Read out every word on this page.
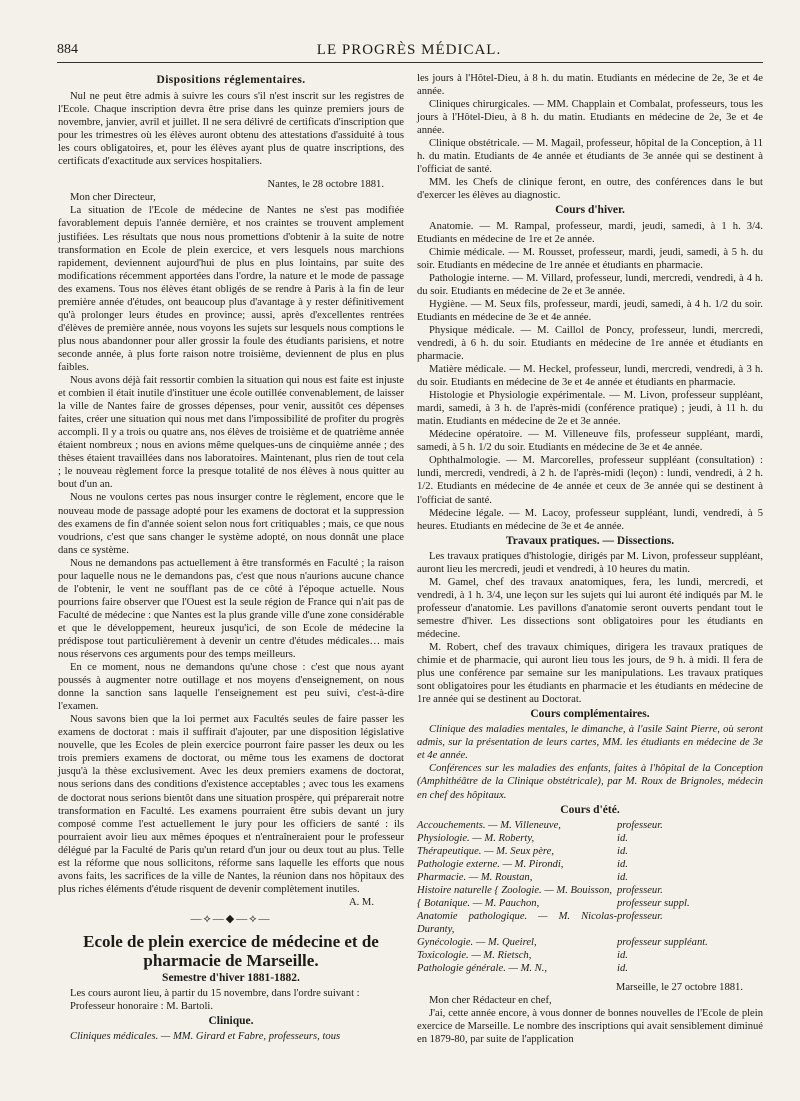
884	LE PROGRÈS MÉDICAL.
Dispositions réglementaires.

Nul ne peut être admis à suivre les cours s'il n'est inscrit sur les registres de l'Ecole. Chaque inscription devra être prise dans les quinze premiers jours de novembre, janvier, avril et juillet. Il ne sera délivré de certificats d'inscription que pour les trimestres où les élèves auront obtenu des attestations d'assiduité à tous les cours obligatoires, et, pour les élèves ayant plus de quatre inscriptions, des certificats d'exactitude aux services hospitaliers.

Nantes, le 28 octobre 1881.

Mon cher Directeur,

La situation de l'Ecole de médecine de Nantes ne s'est pas modifiée favorablement depuis l'année dernière, et nos craintes se trouvent amplement justifiées. Les résultats que nous nous promettions d'obtenir à la suite de notre transformation en Ecole de plein exercice, et vers lesquels nous marchions rapidement, deviennent aujourd'hui de plus en plus lointains, par suite des modifications récemment apportées dans l'ordre, la nature et le mode de passage des examens. Tous nos élèves étant obligés de se rendre à Paris à la fin de leur première année d'études, ont beaucoup plus d'avantage à y rester définitivement qu'à prolonger leurs études en province; aussi, après d'excellentes rentrées d'élèves de première année, nous voyons les sujets sur lesquels nous comptions le plus nous abandonner pour aller grossir la foule des étudiants parisiens, et notre seconde année, à plus forte raison notre troisième, deviennent de plus en plus faibles.

Nous avons déjà fait ressortir combien la situation qui nous est faite est injuste et combien il était inutile d'instituer une école outillée convenablement, de laisser la ville de Nantes faire de grosses dépenses, pour venir, aussitôt ces dépenses faites, créer une situation qui nous met dans l'impossibilité de profiter du progrès accompli. Il y a trois ou quatre ans, nos élèves de troisième et de quatrième année étaient nombreux ; nous en avions même quelques-uns de cinquième année ; des thèses étaient travaillées dans nos laboratoires. Maintenant, plus rien de tout cela ; le nouveau règlement force la presque totalité de nos élèves à nous quitter au bout d'un an.

Nous ne voulons certes pas nous insurger contre le règlement, encore que le nouveau mode de passage adopté pour les examens de doctorat et la suppression des examens de fin d'année soient selon nous fort critiquables ; mais, ce que nous voudrions, c'est que sans changer le système adopté, on nous donnât une place dans ce système.

Nous ne demandons pas actuellement à être transformés en Faculté ; la raison pour laquelle nous ne le demandons pas, c'est que nous n'aurions aucune chance de l'obtenir, le vent ne soufflant pas de ce côté à l'époque actuelle. Nous pourrions faire observer que l'Ouest est la seule région de France qui n'ait pas de Faculté de médecine : que Nantes est la plus grande ville d'une zone considérable et que le développement, heureux jusqu'ici, de son Ecole de médecine la prédispose tout particulièrement à devenir un centre d'études médicales… mais nous réservons ces arguments pour des temps meilleurs.

En ce moment, nous ne demandons qu'une chose : c'est que nous ayant poussés à augmenter notre outillage et nos moyens d'enseignement, on nous donne la sanction sans laquelle l'enseignement est peu suivi, c'est-à-dire l'examen.

Nous savons bien que la loi permet aux Facultés seules de faire passer les examens de doctorat : mais il suffirait d'ajouter, par une disposition législative nouvelle, que les Ecoles de plein exercice pourront faire passer les deux ou les trois premiers examens de doctorat, ou même tous les examens de doctorat jusqu'à la thèse exclusivement. Avec les deux premiers examens de doctorat, nous serions dans des conditions d'existence acceptables ; avec tous les examens de doctorat nous serions bientôt dans une situation prospère, qui préparerait notre transformation en Faculté. Les examens pourraient être subis devant un jury composé comme l'est actuellement le jury pour les officiers de santé : ils pourraient avoir lieu aux mêmes époques et n'entraîneraient pour le professeur délégué par la Faculté de Paris qu'un retard d'un jour ou deux tout au plus. Telle est la réforme que nous sollicitons, réforme sans laquelle les efforts que nous avons faits, les sacrifices de la ville de Nantes, la réunion dans nos hôpitaux des plus riches éléments d'étude risquent de devenir complètement inutiles.

A. M.

—⟡—◆—⟡—
Ecole de plein exercice de médecine et de pharmacie de Marseille.
Semestre d'hiver 1881-1882.

Les cours auront lieu, à partir du 15 novembre, dans l'ordre suivant :

Professeur honoraire : M. Bartoli.

Clinique.

Cliniques médicales. — MM. Girard et Fabre, professeurs, tous

les jours à l'Hôtel-Dieu, à 8 h. du matin. Etudiants en médecine de 2e, 3e et 4e année.

Cliniques chirurgicales. — MM. Chapplain et Combalat, professeurs, tous les jours à l'Hôtel-Dieu, à 8 h. du matin. Etudiants en médecine de 2e, 3e et 4e année.

Clinique obstétricale. — M. Magail, professeur, hôpital de la Conception, à 11 h. du matin. Etudiants de 4e année et étudiants de 3e année qui se destinent à l'officiat de santé.

MM. les Chefs de clinique feront, en outre, des conférences dans le but d'exercer les élèves au diagnostic.

Cours d'hiver.

Anatomie. — M. Rampal, professeur, mardi, jeudi, samedi, à 1 h. 3/4. Etudiants en médecine de 1re et 2e année.

Chimie médicale. — M. Rousset, professeur, mardi, jeudi, samedi, à 5 h. du soir. Etudiants en médecine de 1re année et étudiants en pharmacie.

Pathologie interne. — M. Villard, professeur, lundi, mercredi, vendredi, à 4 h. du soir. Etudiants en médecine de 2e et 3e année.

Hygiène. — M. Seux fils, professeur, mardi, jeudi, samedi, à 4 h. 1/2 du soir. Etudiants en médecine de 3e et 4e année.

Physique médicale. — M. Caillol de Poncy, professeur, lundi, mercredi, vendredi, à 6 h. du soir. Etudiants en médecine de 1re année et étudiants en pharmacie.

Matière médicale. — M. Heckel, professeur, lundi, mercredi, vendredi, à 3 h. du soir. Etudiants en médecine de 3e et 4e année et étudiants en pharmacie.

Histologie et Physiologie expérimentale. — M. Livon, professeur suppléant, mardi, samedi, à 3 h. de l'après-midi (conférence pratique) ; jeudi, à 11 h. du matin. Etudiants en médecine de 2e et 3e année.

Médecine opératoire. — M. Villeneuve fils, professeur suppléant, mardi, samedi, à 5 h. 1/2 du soir. Etudiants en médecine de 3e et 4e année.

Ophthalmologie. — M. Marcorelles, professeur suppléant (consultation) : lundi, mercredi, vendredi, à 2 h. de l'après-midi (leçon) : lundi, vendredi, à 2 h. 1/2. Etudiants en médecine de 4e année et ceux de 3e année qui se destinent à l'officiat de santé.

Médecine légale. — M. Lacoy, professeur suppléant, lundi, vendredi, à 5 heures. Etudiants en médecine de 3e et 4e année.

Travaux pratiques. — Dissections.

Les travaux pratiques d'histologie, dirigés par M. Livon, professeur suppléant, auront lieu les mercredi, jeudi et vendredi, à 10 heures du matin.

M. Gamel, chef des travaux anatomiques, fera, les lundi, mercredi, et vendredi, à 1 h. 3/4, une leçon sur les sujets qui lui auront été indiqués par M. le professeur d'anatomie. Les pavillons d'anatomie seront ouverts pendant tout le semestre d'hiver. Les dissections sont obligatoires pour les étudiants en médecine.

M. Robert, chef des travaux chimiques, dirigera les travaux pratiques de chimie et de pharmacie, qui auront lieu tous les jours, de 9 h. à midi. Il fera de plus une conférence par semaine sur les manipulations. Les travaux pratiques sont obligatoires pour les étudiants en pharmacie et les étudiants en médecine de 1re année qui se destinent au Doctorat.

Cours complémentaires.

Clinique des maladies mentales, le dimanche, à l'asile Saint Pierre, où seront admis, sur la présentation de leurs cartes, MM. les étudiants en médecine de 3e et 4e année.

Conférences sur les maladies des enfants, faites à l'hôpital de la Conception (Amphithéâtre de la Clinique obstétricale), par M. Roux de Brignoles, médecin en chef des hôpitaux.

Cours d'été.
Accouchements. — M. Villeneuve,	professeur.
Physiologie. — M. Roberty,	id.
Thérapeutique. — M. Seux père,	id.
Pathologie externe. — M. Pirondi,	id.
Pharmacie. — M. Roustan,	id.
Histoire naturelle { Zoologie. — M. Bouisson, professeur.
{ Botanique. — M. Pauchon,	professeur suppl.
Anatomie pathologique. — M. Nicolas-Duranty,
professeur.
Gynécologie. — M. Queirel,	professeur suppléant.
Toxicologie. — M. Rietsch,	id.
Pathologie générale. — M. N.,	id.

Marseille, le 27 octobre 1881.

Mon cher Rédacteur en chef,

J'ai, cette année encore, à vous donner de bonnes nouvelles de l'Ecole de plein exercice de Marseille. Le nombre des inscriptions qui avait sensiblement diminué en 1879-80, par suite de l'application
